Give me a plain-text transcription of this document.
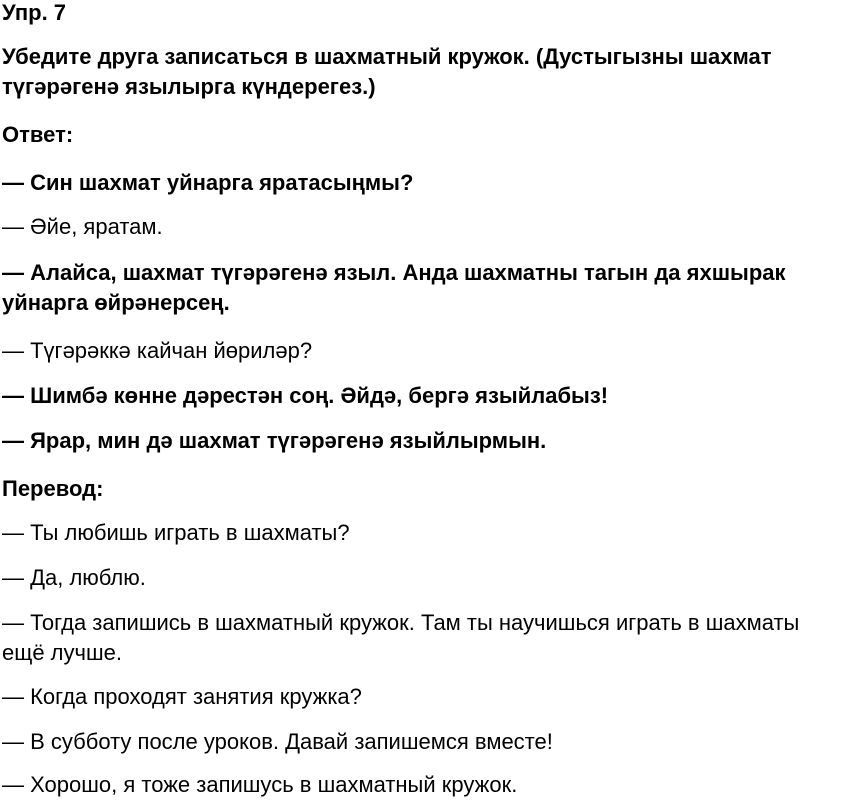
Упр. 7
Убедите друга записаться в шахматный кружок. (Дустыгызны шахмат түгәрәгенә язылырга күндерегез.)
Ответ:
— Син шахмат уйнарга яратасыңмы?
— Әйе, яратам.
— Алайса, шахмат түгәрәгенә языл. Анда шахматны тагын да яхшырак уйнарга өйрәнерсең.
— Түгәрәккә кайчан йөриләр?
— Шимбә көнне дәрестән соң. Әйдә, бергә языйлабыз!
— Ярар, мин дә шахмат түгәрәгенә языйлырмын.
Перевод:
— Ты любишь играть в шахматы?
— Да, люблю.
— Тогда запишись в шахматный кружок. Там ты научишься играть в шахматы ещё лучше.
— Когда проходят занятия кружка?
— В субботу после уроков. Давай запишемся вместе!
— Хорошо, я тоже запишусь в шахматный кружок.
